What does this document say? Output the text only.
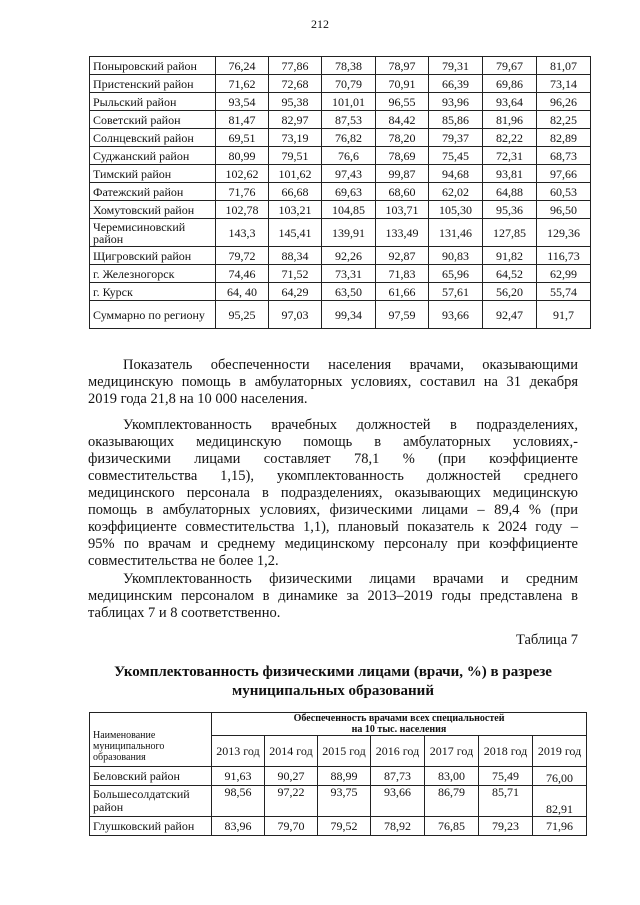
212
Поныровский район	76,24	77,86	78,38	78,97	79,31	79,67	81,07
Пристенский район	71,62	72,68	70,79	70,91	66,39	69,86	73,14
Рыльский район	93,54	95,38	101,01	96,55	93,96	93,64	96,26
Советский район	81,47	82,97	87,53	84,42	85,86	81,96	82,25
Солнцевский район	69,51	73,19	76,82	78,20	79,37	82,22	82,89
Суджанский район	80,99	79,51	76,6	78,69	75,45	72,31	68,73
Тимский район	102,62	101,62	97,43	99,87	94,68	93,81	97,66
Фатежский район	71,76	66,68	69,63	68,60	62,02	64,88	60,53
Хомутовский район	102,78	103,21	104,85	103,71	105,30	95,36	96,50
Черемисиновский район	143,3	145,41	139,91	133,49	131,46	127,85	129,36
Щигровский район	79,72	88,34	92,26	92,87	90,83	91,82	116,73
г. Железногорск	74,46	71,52	73,31	71,83	65,96	64,52	62,99
г. Курск	64, 40	64,29	63,50	61,66	57,61	56,20	55,74
Суммарно по региону	95,25	97,03	99,34	97,59	93,66	92,47	91,7
Показатель обеспеченности населения врачами, оказывающими
медицинскую помощь в амбулаторных условиях, составил на 31 декабря
2019 года 21,8 на 10 000 населения.
Укомплектованность врачебных должностей в подразделениях,
оказывающих медицинскую помощь в амбулаторных условиях,-
физическими лицами составляет 78,1 % (при коэффициенте
совместительства 1,15), укомплектованность должностей среднего
медицинского персонала в подразделениях, оказывающих медицинскую
помощь в амбулаторных условиях, физическими лицами – 89,4 % (при
коэффициенте совместительства 1,1), плановый показатель к 2024 году –
95% по врачам и среднему медицинскому персоналу при коэффициенте
совместительства не более 1,2.
Укомплектованность физическими лицами врачами и средним
медицинским персоналом в динамике за 2013–2019 годы представлена в
таблицах 7 и 8 соответственно.
Таблица 7
Укомплектованность физическими лицами (врачи, %) в разрезе
муниципальных образований
Наименование муниципального образования	Обеспеченность врачами всех специальностей
на 10 тыс. населения						

	2013 год	2014 год	2015 год	2016 год	2017 год	2018 год	2019 год
Беловский район	91,63	90,27	88,99	87,73	83,00	75,49	76,00
Большесолдатский район	98,56	97,22	93,75	93,66	86,79	85,71	82,91
Глушковский район	83,96	79,70	79,52	78,92	76,85	79,23	71,96
